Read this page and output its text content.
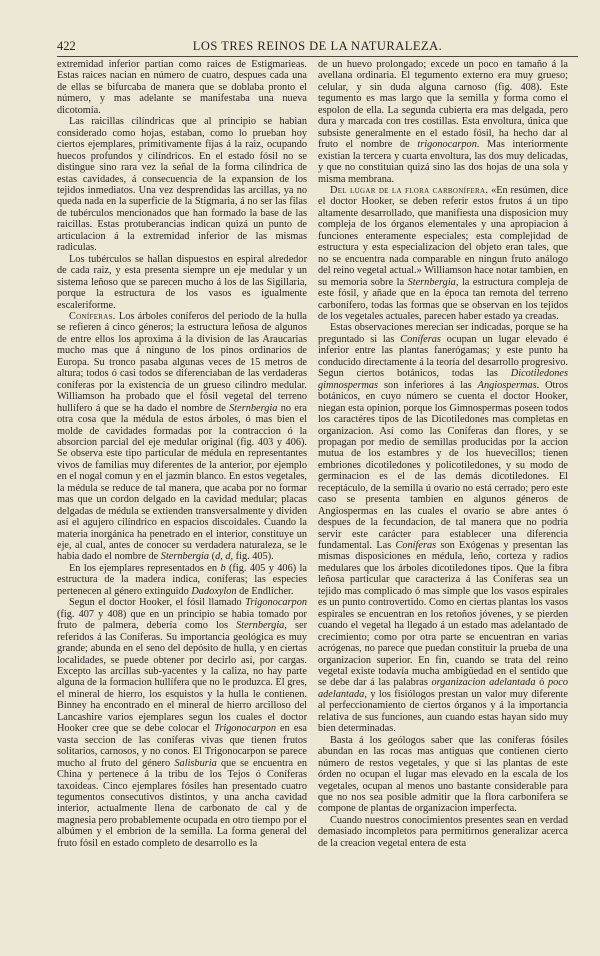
422	LOS TRES REINOS DE LA NATURALEZA.

extremidad inferior partian como raices de Estigmarieas. Estas raices nacian en número de cuatro, despues cada una de ellas se bifurcaba de manera que se doblaba pronto el número, y mas adelante se manifestaba una nueva dicotomía.

Las raicillas cilíndricas que al principio se habian considerado como hojas, estaban, como lo prueban hoy ciertos ejemplares, primitivamente fijas á la raiz, ocupando huecos profundos y cilíndricos. En el estado fósil no se distingue sino rara vez la señal de la forma cilíndrica de estas cavidades, á consecuencia de la expansion de los tejidos inmediatos. Una vez desprendidas las arcillas, ya no queda nada en la superficie de la Stigmaria, á no ser las filas de tubérculos mencionados que han formado la base de las raicillas. Estas protuberancias indican quizá un punto de articulacion á la extremidad inferior de las mismas radiculas.

Los tubérculos se hallan dispuestos en espiral alrededor de cada raiz, y esta presenta siempre un eje medular y un sistema leñoso que se parecen mucho á los de las Sigillaria, porque la estructura de los vasos es igualmente escaleriforme.

Coníferas. Los árboles coníferos del periodo de la hulla se refieren á cinco géneros; la estructura leñosa de algunos de entre ellos los aproxima á la division de las Araucarias mucho mas que á ninguno de los pinos ordinarios de Europa. Su tronco pasaba algunas veces de 15 metros de altura; todos ó casi todos se diferenciaban de las verdaderas coníferas por la existencia de un grueso cilindro medular. Williamson ha probado que el fósil vegetal del terreno hullífero á que se ha dado el nombre de Sternbergia no era otra cosa que la médula de estos árboles, ó mas bien el molde de cavidades formadas por la contraccion ó la absorcion parcial del eje medular original (fig. 403 y 406). Se observa este tipo particular de médula en representantes vivos de familias muy diferentes de la anterior, por ejemplo en el nogal comun y en el jazmin blanco. En estos vegetales, la médula se reduce de tal manera, que acaba por no formar mas que un cordon delgado en la cavidad medular; placas delgadas de médula se extienden transversalmente y dividen así el agujero cilíndrico en espacios discoidales. Cuando la materia inorgánica ha penetrado en el interior, constituye un eje, al cual, antes de conocer su verdadera naturaleza, se le habia dado el nombre de Sternbergia (d, d, fig. 405).

En los ejemplares representados en b (fig. 405 y 406) la estructura de la madera indica, coníferas; las especies pertenecen al género extinguido Dadoxylon de Endlicher.

Segun el doctor Hooker, el fósil llamado Trigonocarpon (fig. 407 y 408) que en un principio se habia tomado por fruto de palmera, debería como los Sternbergia, ser referidos á las Coníferas. Su importancia geológica es muy grande; abunda en el seno del depósito de hulla, y en ciertas localidades, se puede obtener por decirlo así, por cargas. Excepto las arcillas sub-yacentes y la caliza, no hay parte alguna de la formacion hullífera que no le produzca. El gres, el mineral de hierro, los esquistos y la hulla le contienen. Binney ha encontrado en el mineral de hierro arcilloso del Lancashire varios ejemplares segun los cuales el doctor Hooker cree que se debe colocar el Trigonocarpon en esa vasta seccion de las coníferas vivas que tienen frutos solitarios, carnosos, y no conos. El Trigonocarpon se parece mucho al fruto del género Salisburia que se encuentra en China y pertenece á la tribu de los Tejos ó Coníferas taxoideas. Cinco ejemplares fósiles han presentado cuatro tegumentos consecutivos distintos, y una ancha cavidad interior, actualmente llena de carbonato de cal y de magnesia pero probablemente ocupada en otro tiempo por el albúmen y el embrion de la semilla. La forma general del fruto fósil en estado completo de desarrollo es la

de un huevo prolongado; excede un poco en tamaño á la avellana ordinaria. El tegumento externo era muy grueso; celular, y sin duda alguna carnoso (fig. 408). Este tegumento es mas largo que la semilla y forma como el espolon de ella. La segunda cubierta era mas delgada, pero dura y marcada con tres costillas. Esta envoltura, única que subsiste generalmente en el estado fósil, ha hecho dar al fruto el nombre de trigonocarpon. Mas interiormente existian la tercera y cuarta envoltura, las dos muy delicadas, y que no constituian quizá sino las dos hojas de una sola y misma membrana.

Del lugar de la flora carbonífera. «En resúmen, dice el doctor Hooker, se deben referir estos frutos á un tipo altamente desarrollado, que manifiesta una disposicion muy compleja de los órganos elementales y una apropiacion á funciones enteramente especiales; esta complejidad de estructura y esta especializacion del objeto eran tales, que no se encuentra nada comparable en ningun fruto análogo del reino vegetal actual.» Williamson hace notar tambien, en su memoria sobre la Sternbergia, la estructura compleja de este fósil, y añade que en la época tan remota del terreno carbonífero, todas las formas que se observan en los tejidos de los vegetales actuales, parecen haber estado ya creadas.

Estas observaciones merecian ser indicadas, porque se ha preguntado si las Coníferas ocupan un lugar elevado é inferior entre las plantas fanerógamas; y este punto ha conducido directamente á la teoría del desarrollo progresivo. Segun ciertos botánicos, todas las Dicotiledones gimnospermas son inferiores á las Angiospermas. Otros botánicos, en cuyo número se cuenta el doctor Hooker, niegan esta opinion, porque los Gimnospermas poseen todos los caractéres tipos de las Dicotiledones mas completas en organizacion. Así como las Coníferas dan flores, y se propagan por medio de semillas producidas por la accion mutua de los estambres y de los huevecillos; tienen embriones dicotiledones y policotiledones, y su modo de germinacion es el de las demás dicotiledones. El receptáculo, de la semilla ú ovario no está cerrado; pero este caso se presenta tambien en algunos géneros de Angiospermas en las cuales el ovario se abre antes ó despues de la fecundacion, de tal manera que no podria servir este carácter para establecer una diferencia fundamental. Las Coníferas son Exógenas y presentan las mismas disposiciones en médula, leño, corteza y radios medulares que los árboles dicotiledones tipos. Que la fibra leñosa particular que caracteriza á las Coníferas sea un tejido mas complicado ó mas simple que los vasos espirales es un punto controvertido. Como en ciertas plantas los vasos espirales se encuentran en los retoños jóvenes, y se pierden cuando el vegetal ha llegado á un estado mas adelantado de crecimiento; como por otra parte se encuentran en varias acrógenas, no parece que puedan constituir la prueba de una organizacion superior. En fin, cuando se trata del reino vegetal existe todavía mucha ambigüedad en el sentido que se debe dar á las palabras organizacion adelantada ó poco adelantada, y los fisiólogos prestan un valor muy diferente al perfeccionamiento de ciertos órganos y á la importancia relativa de sus funciones, aun cuando estas hayan sido muy bien determinadas.

Basta á los geólogos saber que las coníferas fósiles abundan en las rocas mas antiguas que contienen cierto número de restos vegetales, y que si las plantas de este órden no ocupan el lugar mas elevado en la escala de los vegetales, ocupan al menos uno bastante considerable para que no nos sea posible admitir que la flora carbonífera se compone de plantas de organizacion imperfecta.

Cuando nuestros conocimientos presentes sean en verdad demasiado incompletos para permitirnos generalizar acerca de la creacion vegetal entera de esta
